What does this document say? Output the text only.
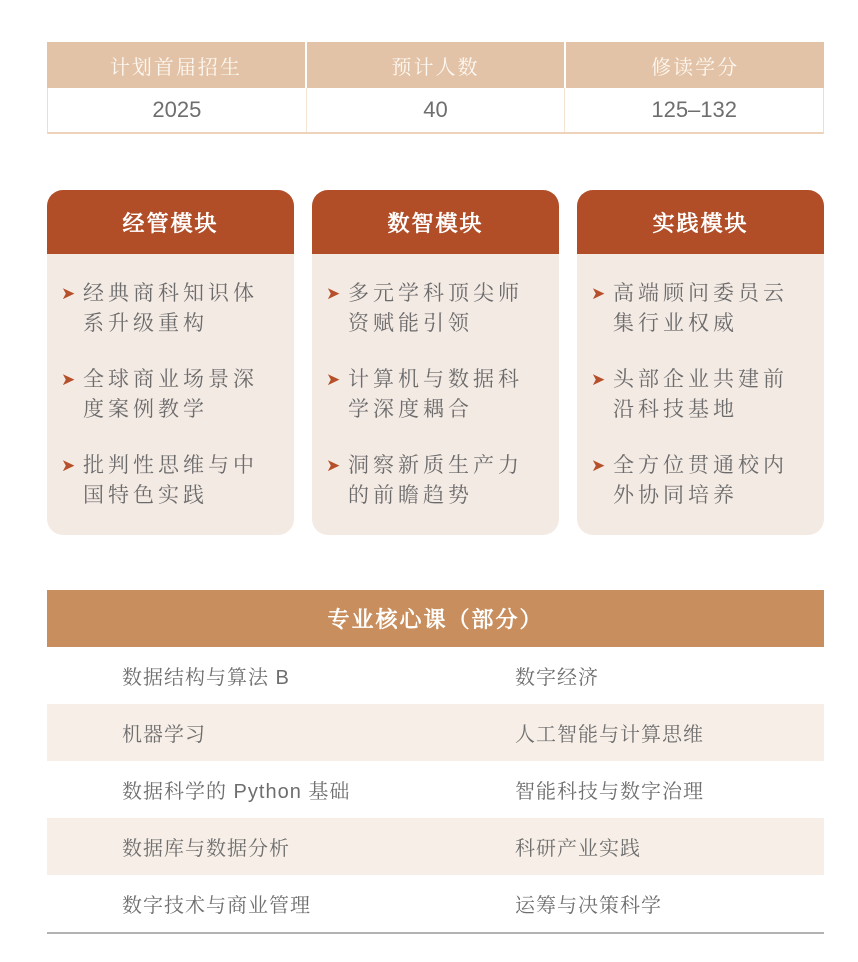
计划首届招生	预计人数	修读学分
2025	40	125–132
经管模块
➤ 经典商科知识体系升级重构
➤ 全球商业场景深度案例教学
➤ 批判性思维与中国特色实践
数智模块
➤ 多元学科顶尖师资赋能引领
➤ 计算机与数据科学深度耦合
➤ 洞察新质生产力的前瞻趋势
实践模块
➤ 高端顾问委员云集行业权威
➤ 头部企业共建前沿科技基地
➤ 全方位贯通校内外协同培养
专业核心课（部分）
数据结构与算法 B	数字经济
机器学习	人工智能与计算思维
数据科学的 Python 基础	智能科技与数字治理
数据库与数据分析	科研产业实践
数字技术与商业管理	运筹与决策科学
